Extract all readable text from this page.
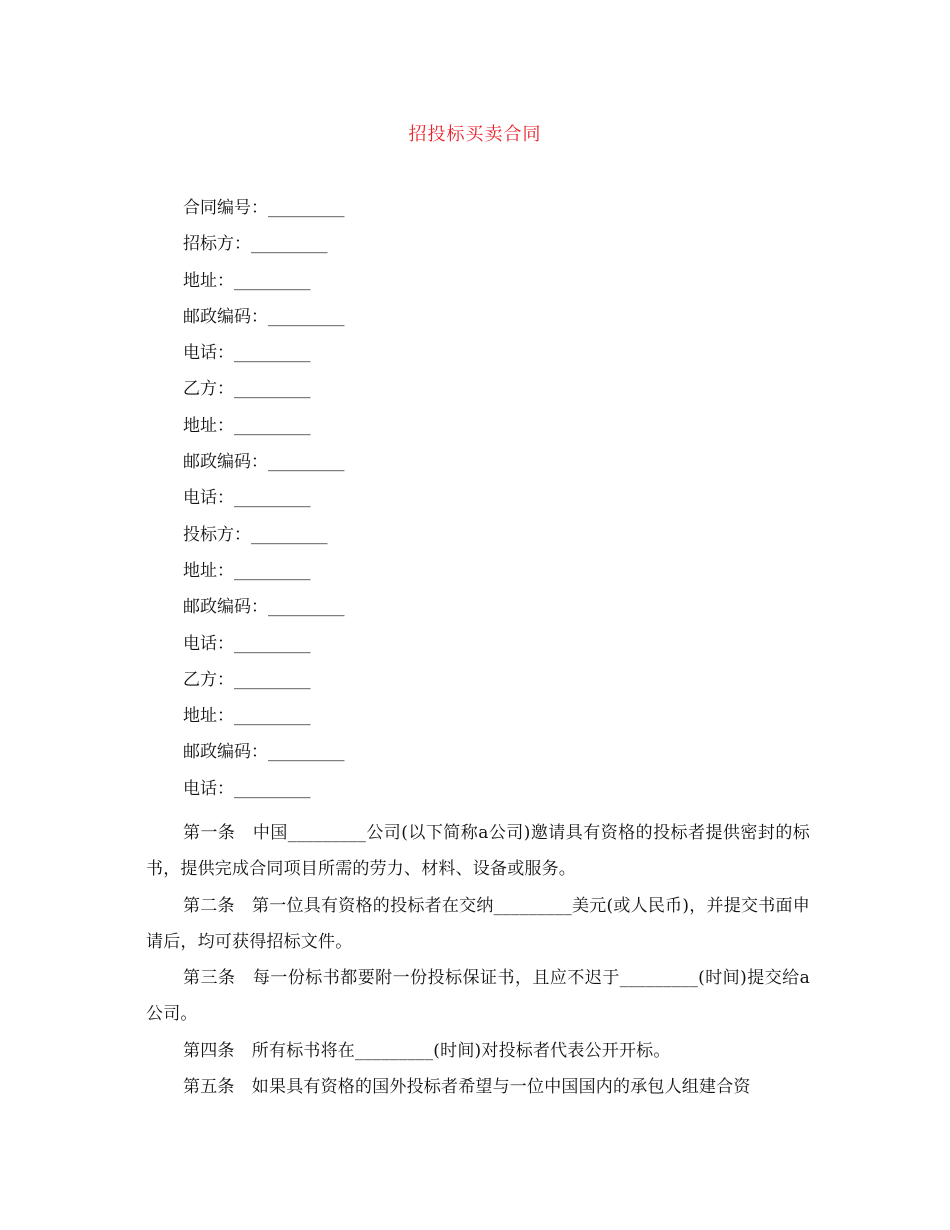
招投标买卖合同
合同编号：_________
招标方：_________
地址：_________
邮政编码：_________
电话：_________
乙方：_________
地址：_________
邮政编码：_________
电话：_________
投标方：_________
地址：_________
邮政编码：_________
电话：_________
乙方：_________
地址：_________
邮政编码：_________
电话：_________

第一条　中国_________公司(以下简称a公司)邀请具有资格的投标者提供密封的标书，提供完成合同项目所需的劳力、材料、设备或服务。

第二条　第一位具有资格的投标者在交纳_________美元(或人民币)，并提交书面申请后，均可获得招标文件。

第三条　每一份标书都要附一份投标保证书，且应不迟于_________(时间)提交给a公司。

第四条　所有标书将在_________(时间)对投标者代表公开开标。

第五条　如果具有资格的国外投标者希望与一位中国国内的承包人组建合资
